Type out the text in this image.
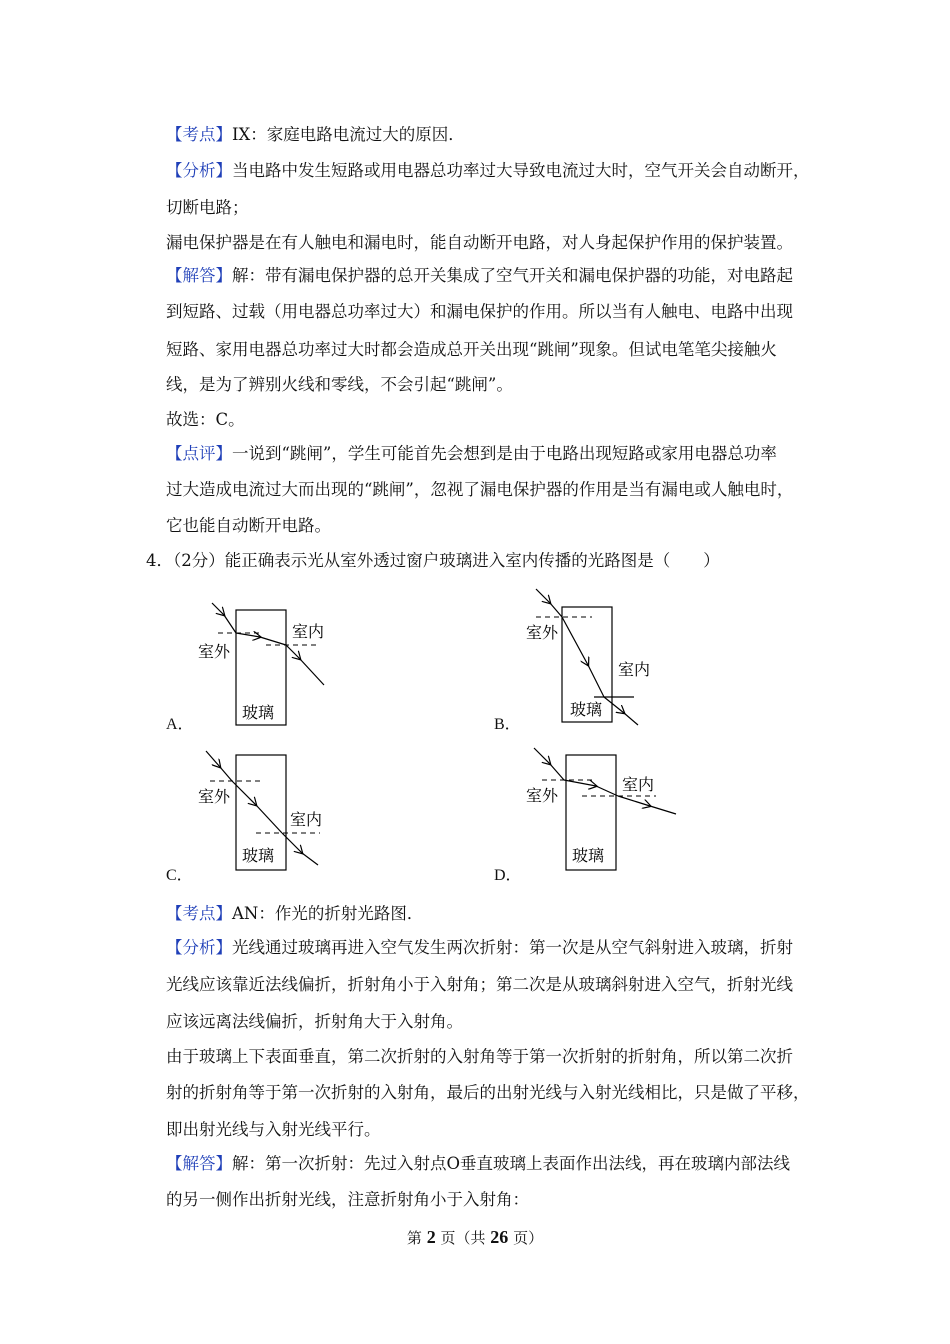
【考点】IX：家庭电路电流过大的原因．
【分析】当电路中发生短路或用电器总功率过大导致电流过大时，空气开关会自动断开，
切断电路；
漏电保护器是在有人触电和漏电时，能自动断开电路，对人身起保护作用的保护装置。
【解答】解：带有漏电保护器的总开关集成了空气开关和漏电保护器的功能，对电路起
到短路、过载（用电器总功率过大）和漏电保护的作用。所以当有人触电、电路中出现
短路、家用电器总功率过大时都会造成总开关出现“跳闸”现象。但试电笔笔尖接触火
线，是为了辨别火线和零线，不会引起“跳闸”。
故选：C。
【点评】一说到“跳闸”，学生可能首先会想到是由于电路出现短路或家用电器总功率
过大造成电流过大而出现的“跳闸”，忽视了漏电保护器的作用是当有漏电或人触电时，
它也能自动断开电路。
4．（2分）能正确表示光从室外透过窗户玻璃进入室内传播的光路图是（　　）
室内
室外
玻璃
A．
室外
室内
玻璃
B．
室外
室内
玻璃
C．
室外
室内
玻璃
D．
【考点】AN：作光的折射光路图．
【分析】光线通过玻璃再进入空气发生两次折射：第一次是从空气斜射进入玻璃，折射
光线应该靠近法线偏折，折射角小于入射角；第二次是从玻璃斜射进入空气，折射光线
应该远离法线偏折，折射角大于入射角。
由于玻璃上下表面垂直，第二次折射的入射角等于第一次折射的折射角，所以第二次折
射的折射角等于第一次折射的入射角，最后的出射光线与入射光线相比，只是做了平移，
即出射光线与入射光线平行。
【解答】解：第一次折射：先过入射点O垂直玻璃上表面作出法线，再在玻璃内部法线
的另一侧作出折射光线，注意折射角小于入射角：
第 2 页（共 26 页）
